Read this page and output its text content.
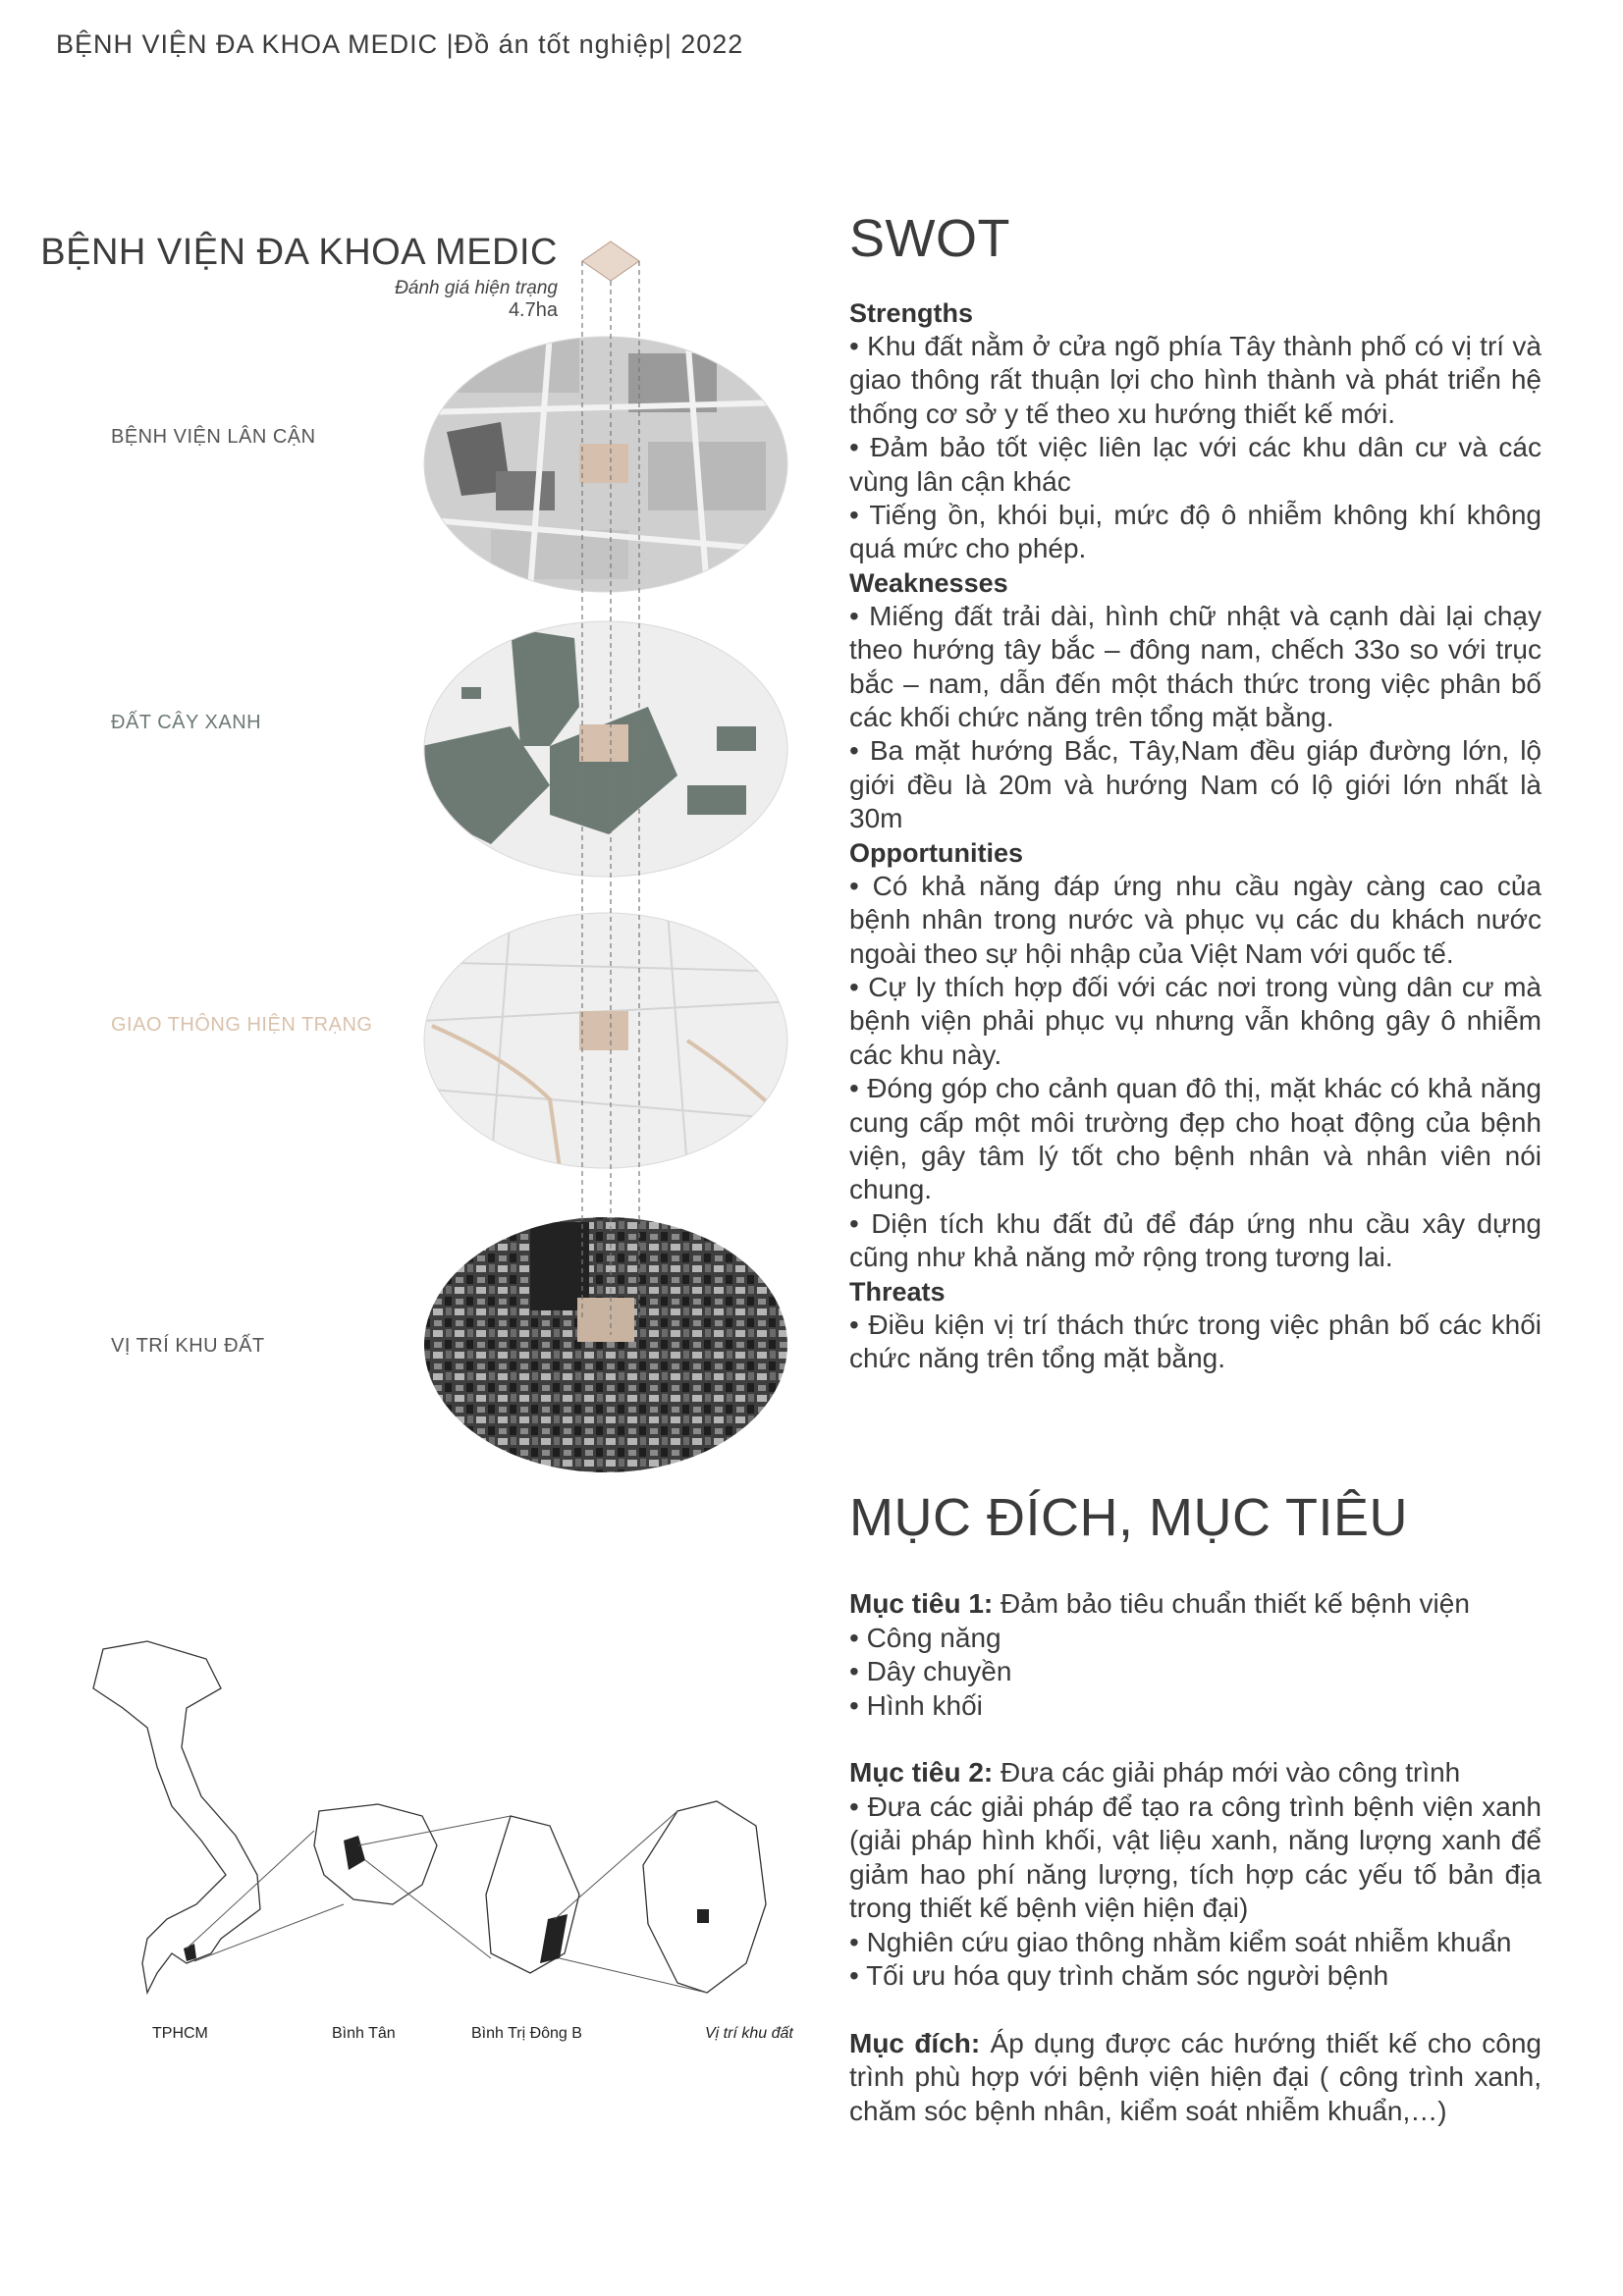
BỆNH VIỆN ĐA KHOA MEDIC |Đồ án tốt nghiệp| 2022
BỆNH VIỆN ĐA KHOA MEDIC
Đánh giá hiện trạng
4.7ha
BỆNH VIỆN LÂN CẬN
ĐẤT CÂY XANH
GIAO THÔNG HIỆN TRẠNG
VỊ TRÍ KHU ĐẤT
TPHCM	Bình Tân	Bình Trị Đông B	Vị trí khu đất
SWOT
Strengths

• Khu đất nằm ở cửa ngõ phía Tây thành phố có vị trí và giao thông rất thuận lợi cho hình thành và phát triển hệ thống cơ sở y tế theo xu hướng thiết kế mới.

• Đảm bảo tốt việc liên lạc với các khu dân cư và các vùng lân cận khác

• Tiếng ồn, khói bụi, mức độ ô nhiễm không khí không quá mức cho phép.

Weaknesses

• Miếng đất trải dài, hình chữ nhật và cạnh dài lại chạy theo hướng tây bắc – đông nam, chếch 33o so với trục bắc – nam, dẫn đến một thách thức trong việc phân bố các khối chức năng trên tổng mặt bằng.

• Ba mặt hướng Bắc, Tây,Nam đều giáp đường lớn, lộ giới đều là 20m và hướng Nam có lộ giới lớn nhất là 30m

Opportunities

• Có khả năng đáp ứng nhu cầu ngày càng cao của bệnh nhân trong nước và phục vụ các du khách nước ngoài theo sự hội nhập của Việt Nam với quốc tế.

• Cự ly thích hợp đối với các nơi trong vùng dân cư mà bệnh viện phải phục vụ nhưng vẫn không gây ô nhiễm các khu này.

• Đóng góp cho cảnh quan đô thị, mặt khác có khả năng cung cấp một môi trường đẹp cho hoạt động của bệnh viện, gây tâm lý tốt cho bệnh nhân và nhân viên nói chung.

• Diện tích khu đất đủ để đáp ứng nhu cầu xây dựng cũng như khả năng mở rộng trong tương lai.

Threats

• Điều kiện vị trí thách thức trong việc phân bố các khối chức năng trên tổng mặt bằng.

MỤC ĐÍCH, MỤC TIÊU
Mục tiêu 1: Đảm bảo tiêu chuẩn thiết kế bệnh viện
• Công năng
• Dây chuyền
• Hình khối
Mục tiêu 2: Đưa các giải pháp mới vào công trình
• Đưa các giải pháp để tạo ra công trình bệnh viện xanh (giải pháp hình khối, vật liệu xanh, năng lượng xanh để giảm hao phí năng lượng, tích hợp các yếu tố bản địa trong thiết kế bệnh viện hiện đại)
• Nghiên cứu giao thông nhằm kiểm soát nhiễm khuẩn
• Tối ưu hóa quy trình chăm sóc người bệnh
Mục đích: Áp dụng được các hướng thiết kế cho công trình phù hợp với bệnh viện hiện đại ( công trình xanh, chăm sóc bệnh nhân, kiểm soát nhiễm khuẩn,…)
